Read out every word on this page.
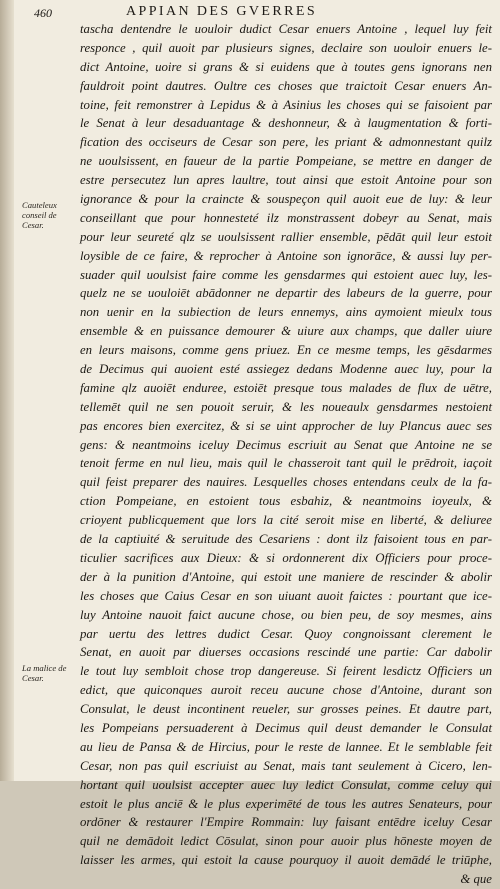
460	APPIAN DES GVERRES
Cauteleux conseil de Cesar.
La malice de Cesar.
tascha dentendre le uouloir dudict Cesar enuers Antoine , lequel luy feit
responce , quil auoit par plusieurs signes, declaire son uouloir enuers le-
dict Antoine, uoire si grans & si euidens que à toutes gens ignorans nen
fauldroit point dautres. Oultre ces choses que traictoit Cesar enuers An-
toine, feit remonstrer à Lepidus & à Asinius les choses qui se faisoient par
le Senat à leur desaduantage & deshonneur, & à laugmentation & forti-
fication des occiseurs de Cesar son pere, les priant & admonnestant quilz
ne uoulsissent, en faueur de la partie Pompeiane, se mettre en danger de
estre persecutez lun apres laultre, tout ainsi que estoit Antoine pour son
ignorance & pour la craincte & souspeçon quil auoit eue de luy: & leur
conseillant que pour honnesteté ilz monstrassent dobeyr au Senat, mais
pour leur seureté qlz se uoulsissent rallier ensemble, pēdāt quil leur estoit
loysible de ce faire, & reprocher à Antoine son ignorāce, & aussi luy per-
suader quil uoulsist faire comme les gensdarmes qui estoient auec luy, les-
quelz ne se uouloiēt abādonner ne departir des labeurs de la guerre, pour
non uenir en la subiection de leurs ennemys, ains aymoient mieulx tous
ensemble & en puissance demourer & uiure aux champs, que daller uiure
en leurs maisons, comme gens priuez. En ce mesme temps, les gēsdarmes
de Decimus qui auoient esté assiegez dedans Modenne auec luy, pour la
famine qlz auoiēt enduree, estoiēt presque tous malades de flux de uētre,
tellemēt quil ne sen pouoit seruir, & les noueaulx gensdarmes nestoient
pas encores bien exercitez, & si se uint approcher de luy Plancus auec ses
gens: & neantmoins iceluy Decimus escriuit au Senat que Antoine ne se
tenoit ferme en nul lieu, mais quil le chasseroit tant quil le prēdroit, iaçoit
quil feist preparer des nauires. Lesquelles choses entendans ceulx de la fa-
ction Pompeiane, en estoient tous esbahiz, & neantmoins ioyeulx, &
crioyent publicquement que lors la cité seroit mise en liberté, & deliuree
de la captiuité & seruitude des Cesariens : dont ilz faisoient tous en par-
ticulier sacrifices aux Dieux: & si ordonnerent dix Officiers pour proce-
der à la punition d'Antoine, qui estoit une maniere de rescinder & abolir
les choses que Caius Cesar en son uiuant auoit faictes : pourtant que ice-
luy Antoine nauoit faict aucune chose, ou bien peu, de soy mesmes, ains
par uertu des lettres dudict Cesar. Quoy congnoissant clerement le
Senat, en auoit par diuerses occasions rescindé une partie: Car dabolir
le tout luy sembloit chose trop dangereuse. Si feirent lesdictz Officiers un
edict, que quiconques auroit receu aucune chose d'Antoine, durant son
Consulat, le deust incontinent reueler, sur grosses peines. Et dautre part,
les Pompeians persuaderent à Decimus quil deust demander le Consulat
au lieu de Pansa & de Hircius, pour le reste de lannee. Et le semblable feit
Cesar, non pas quil escriuist au Senat, mais tant seulement à Cicero, len-
hortant quil uoulsist accepter auec luy ledict Consulat, comme celuy qui
estoit le plus anciē & le plus experimēté de tous les autres Senateurs, pour
ordōner & restaurer l'Empire Rommain: luy faisant entēdre iceluy Cesar
quil ne demādoit ledict Cōsulat, sinon pour auoir plus hōneste moyen de
laisser les armes, qui estoit la cause pourquoy il auoit demādé le triūphe,
& que
